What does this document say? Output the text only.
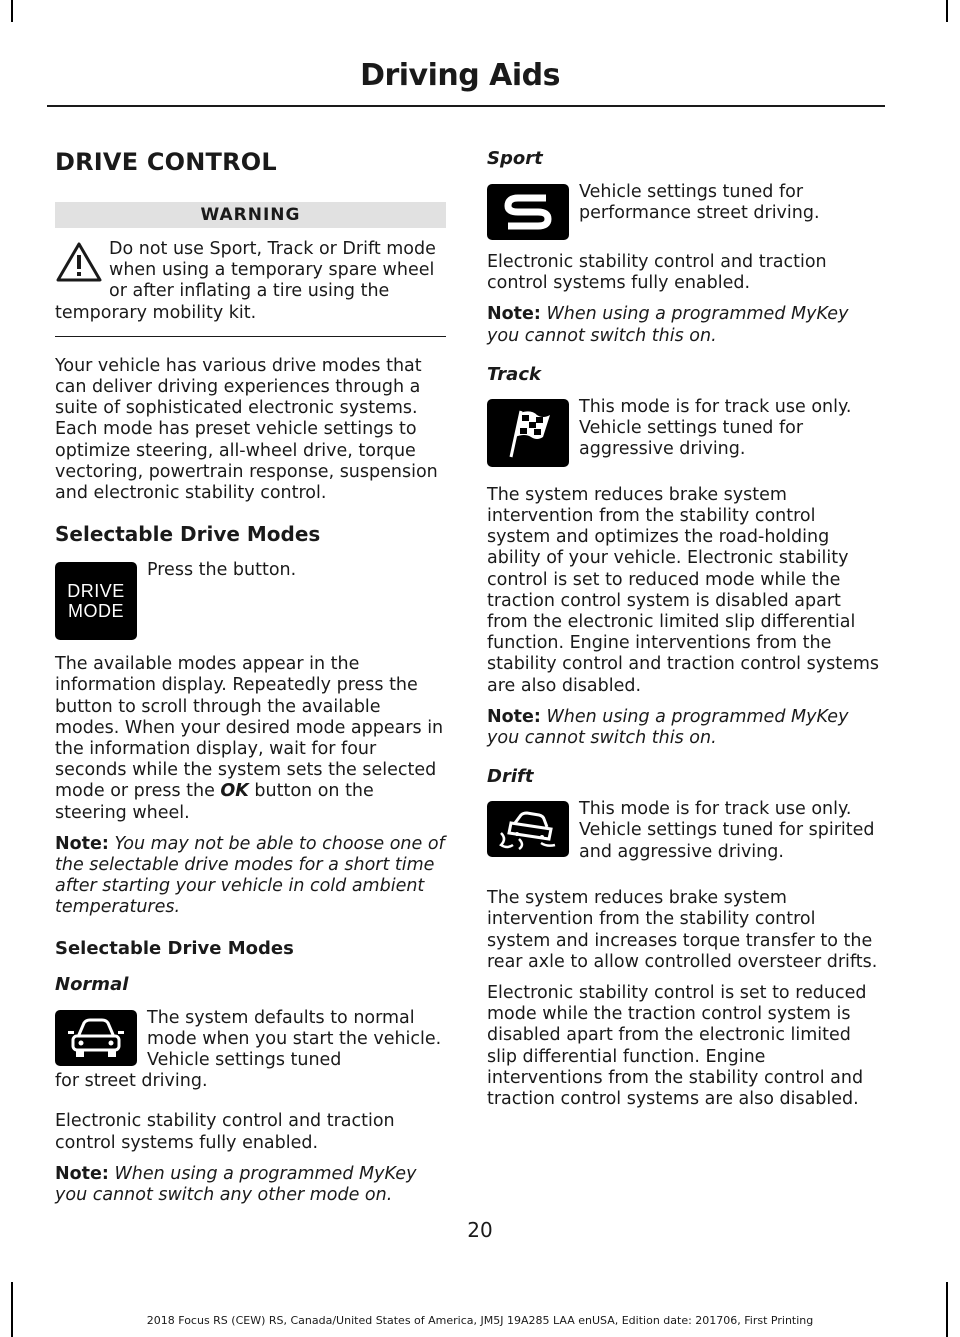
Driving Aids
DRIVE CONTROL
WARNING

Do not use Sport, Track or Drift mode when using a temporary spare wheel or after inflating a tire using the

temporary mobility kit.

Your vehicle has various drive modes that can deliver driving experiences through a suite of sophisticated electronic systems. Each mode has preset vehicle settings to optimize steering, all-wheel drive, torque vectoring, powertrain response, suspension and electronic stability control.

Selectable Drive Modes
DRIVE
MODE

Press the button.

The available modes appear in the information display. Repeatedly press the button to scroll through the available modes. When your desired mode appears in the information display, wait for four seconds while the system sets the selected mode or press the OK button on the steering wheel.

Note: You may not be able to choose one of the selectable drive modes for a short time after starting your vehicle in cold ambient temperatures.

Selectable Drive Modes
Normal

The system defaults to normal mode when you start the vehicle. Vehicle settings tuned

for street driving.

Electronic stability control and traction control systems fully enabled.

Note: When using a programmed MyKey you cannot switch any other mode on.

Sport

Vehicle settings tuned for performance street driving.

Electronic stability control and traction control systems fully enabled.

Note: When using a programmed MyKey you cannot switch this on.

Track

This mode is for track use only. Vehicle settings tuned for aggressive driving.

The system reduces brake system intervention from the stability control system and optimizes the road-holding ability of your vehicle. Electronic stability control is set to reduced mode while the traction control system is disabled apart from the electronic limited slip differential function. Engine interventions from the stability control and traction control systems are also disabled.

Note: When using a programmed MyKey you cannot switch this on.

Drift

This mode is for track use only. Vehicle settings tuned for spirited and aggressive driving.

The system reduces brake system intervention from the stability control system and increases torque transfer to the rear axle to allow controlled oversteer drifts.

Electronic stability control is set to reduced mode while the traction control system is disabled apart from the electronic limited slip differential function. Engine interventions from the stability control and traction control systems are also disabled.

20
2018 Focus RS (CEW) RS, Canada/United States of America, JM5J 19A285 LAA enUSA, Edition date: 201706, First Printing
